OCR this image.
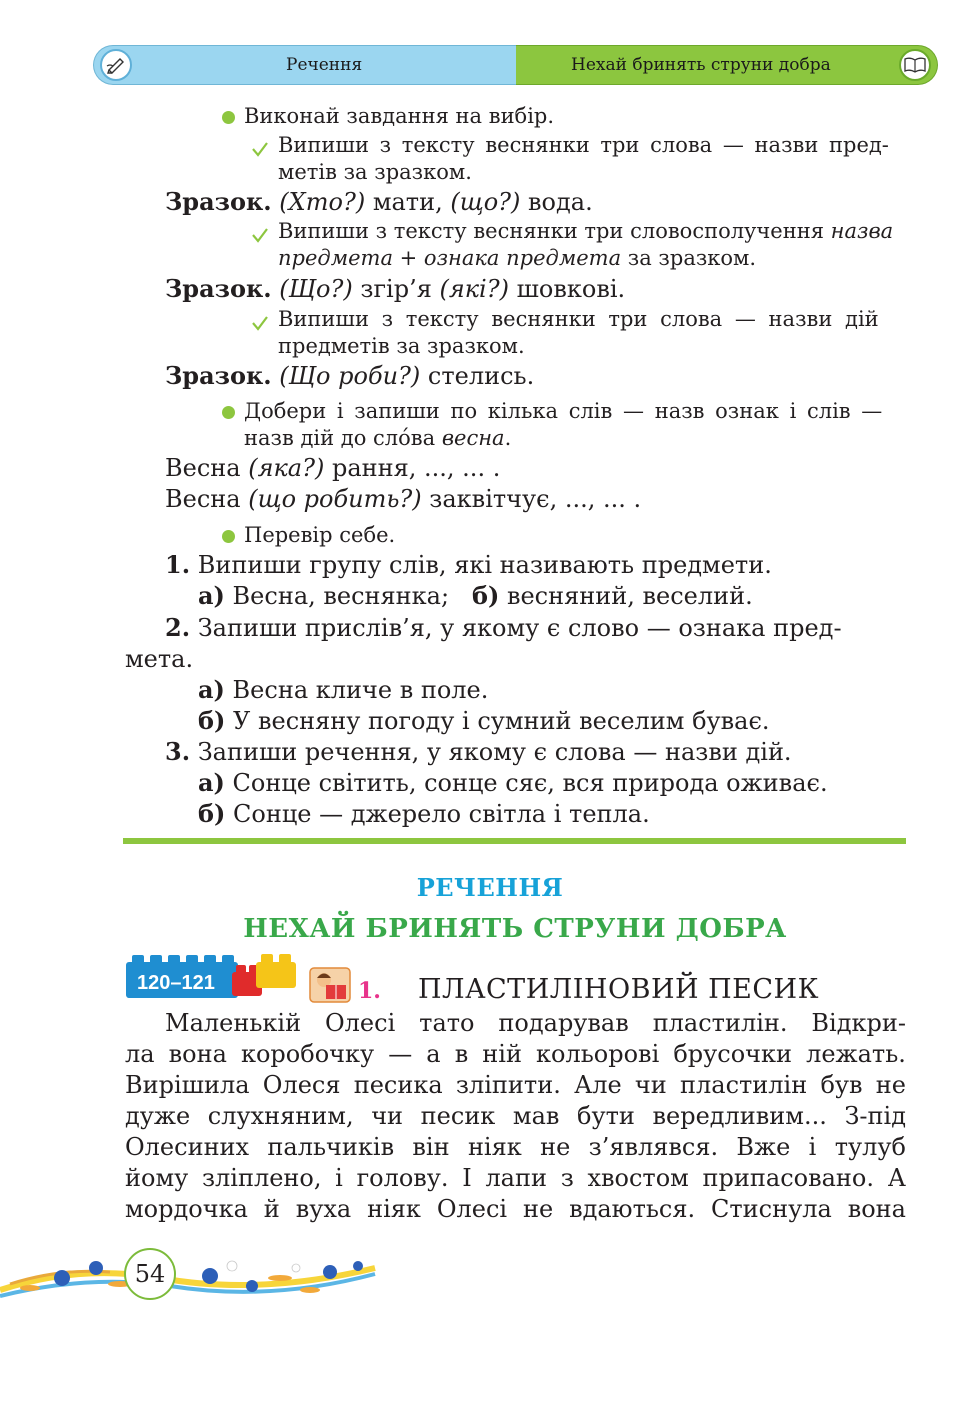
Речення	Нехай бринять струни добра
Виконай завдання на вибір.
Випиши з тексту веснянки три слова — назви пред-
метів за зразком.
Зразок. (Хто?) мати, (що?) вода.
Випиши з тексту веснянки три словосполучення назва
предмета + ознака предмета за зразком.
Зразок. (Що?) згір’я (які?) шовкові.
Випиши з тексту веснянки три слова — назви дій
предметів за зразком.
Зразок. (Що роби?) стелись.
Добери і запиши по кілька слів — назв ознак і слів —
назв дій до сло́ва весна.
Весна (яка?) рання, ..., ... .
Весна (що робить?) заквітчує, ..., ... .
Перевір себе.
1. Випиши групу слів, які називають предмети.
а) Весна, веснянка; б) весняний, веселий.
2. Запиши прислів’я, у якому є слово — ознака пред-
мета.
а) Весна кличе в поле.
б) У весняну погоду і сумний веселим буває.
3. Запиши речення, у якому є слова — назви дій.
а) Сонце світить, сонце сяє, вся природа оживає.
б) Сонце — джерело світла і тепла.
РЕЧЕННЯ
НЕХАЙ БРИНЯТЬ СТРУНИ ДОБРА
120–121	1. ПЛАСТИЛІНОВИЙ ПЕСИК
Маленькій Олесі тато подарував пластилін. Відкри-
ла вона коробочку — а в ній кольорові брусочки лежать.
Вирішила Олеся песика зліпити. Але чи пластилін був не
дуже слухняним, чи песик мав бути вередливим... З-під
Олесиних пальчиків він ніяк не з’являвся. Вже і тулуб
йому зліплено, і голову. І лапи з хвостом припасовано. А
мордочка й вуха ніяк Олесі не вдаються. Стиснула вона
54
